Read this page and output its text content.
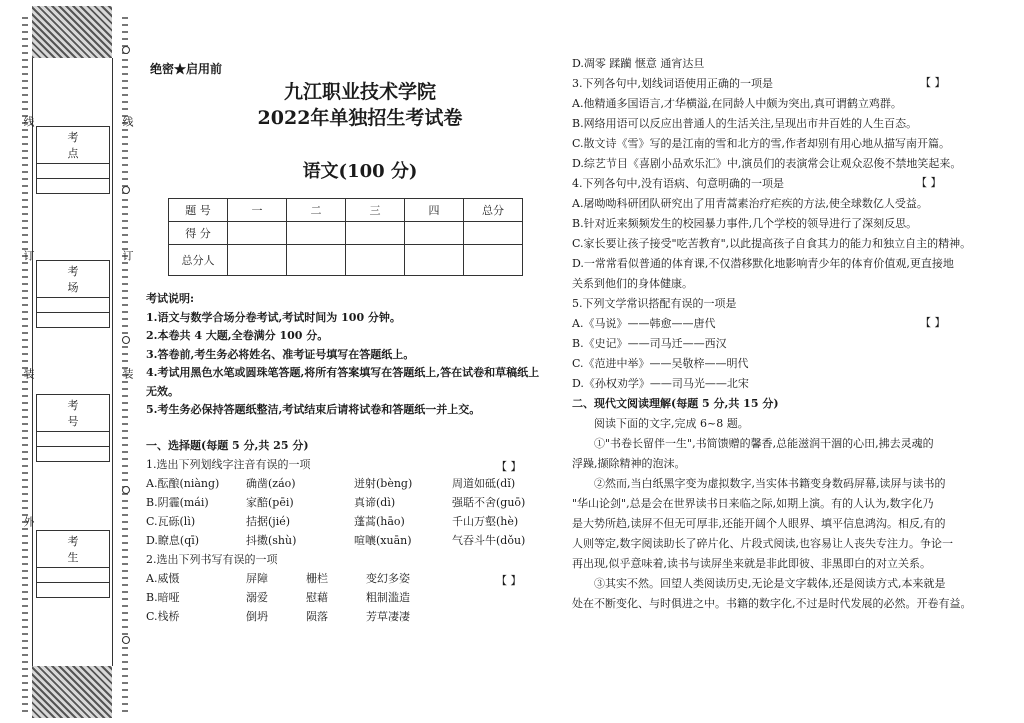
线	线
订	订
装	装
外
考点
考场
考号
考生
绝密★启用前
九江职业技术学院
2022年单独招生考试卷
语文(100 分)
题 号	一	二	三	四	总分
得 分					
总分人					

考试说明:

1.语文与数学合场分卷考试,考试时间为 100 分钟。

2.本卷共 4 大题,全卷满分 100 分。

3.答卷前,考生务必将姓名、准考证号填写在答题纸上。

4.考试用黑色水笔或圆珠笔答题,将所有答案填写在答题纸上,答在试卷和草稿纸上

无效。

5.考生务必保持答题纸整洁,考试结束后请将试卷和答题纸一并上交。

一、选择题(每题 5 分,共 25 分)

1.选出下列划线字注音有误的一项

A.酝酿(niàng)	确凿(záo)	迸射(bèng)	周道如砥(dǐ)
B.阴霾(mái)	家醅(pēi)	真谛(dì)	强聒不舍(guō)
C.瓦砾(lì)	拮据(jié)	蓬蒿(hāo)	千山万壑(hè)
D.瞭息(qī)	抖擞(shù)	喧嚷(xuān)	气吞斗牛(dǒu)

2.选出下列书写有误的一项

A.威慑	屏障	栅栏	变幻多姿
B.暗哑	溺爱	慰藉	粗制滥造
C.栈桥	倒坍	陨落	芳草凄凄
【 】
【 】

D.凋零 蹂躏 惬意 通宵达旦

3.下列各句中,划线词语使用正确的一项是

A.他精通多国语言,才华横溢,在同龄人中颇为突出,真可谓鹤立鸡群。

B.网络用语可以反应出普通人的生活关注,呈现出市井百姓的人生百态。

C.散文诗《雪》写的是江南的雪和北方的雪,作者却别有用心地从描写南开篇。

D.综艺节目《喜剧小品欢乐汇》中,演员们的表演常会让观众忍俊不禁地笑起来。

4.下列各句中,没有语病、句意明确的一项是

A.屠呦呦科研团队研究出了用青蒿素治疗疟疾的方法,使全球数亿人受益。

B.针对近来频频发生的校园暴力事件,几个学校的领导进行了深刻反思。

C.家长要让孩子接受"吃苦教育",以此提高孩子自食其力的能力和独立自主的精神。

D.一常常看似普通的体育课,不仅潜移默化地影响青少年的体育价值观,更直接地

关系到他们的身体健康。

5.下列文学常识搭配有误的一项是

A.《马说》——韩愈——唐代

B.《史记》——司马迁——西汉

C.《范进中举》——吴敬梓——明代

D.《孙权劝学》——司马光——北宋

二、现代文阅读理解(每题 5 分,共 15 分)

阅读下面的文字,完成 6~8 题。

①"书卷长留伴一生",书简馈赠的馨香,总能滋润干涸的心田,拂去灵魂的

浮躁,撷除精神的泡沫。

②然而,当白纸黑字变为虚拟数字,当实体书籍变身数码屏幕,读屏与读书的

"华山论剑",总是会在世界读书日来临之际,如期上演。有的人认为,数字化乃

是大势所趋,读屏不但无可厚非,还能开阔个人眼界、填平信息鸿沟。相反,有的

人则等定,数字阅读助长了碎片化、片段式阅读,也容易让人丧失专注力。争论一

再出现,似乎意味着,读书与读屏坐来就是非此即彼、非黑即白的对立关系。

③其实不然。回望人类阅读历史,无论是文字载体,还是阅读方式,本来就是

处在不断变化、与时俱进之中。书籍的数字化,不过是时代发展的必然。开卷有益。

【 】
【 】
【 】
